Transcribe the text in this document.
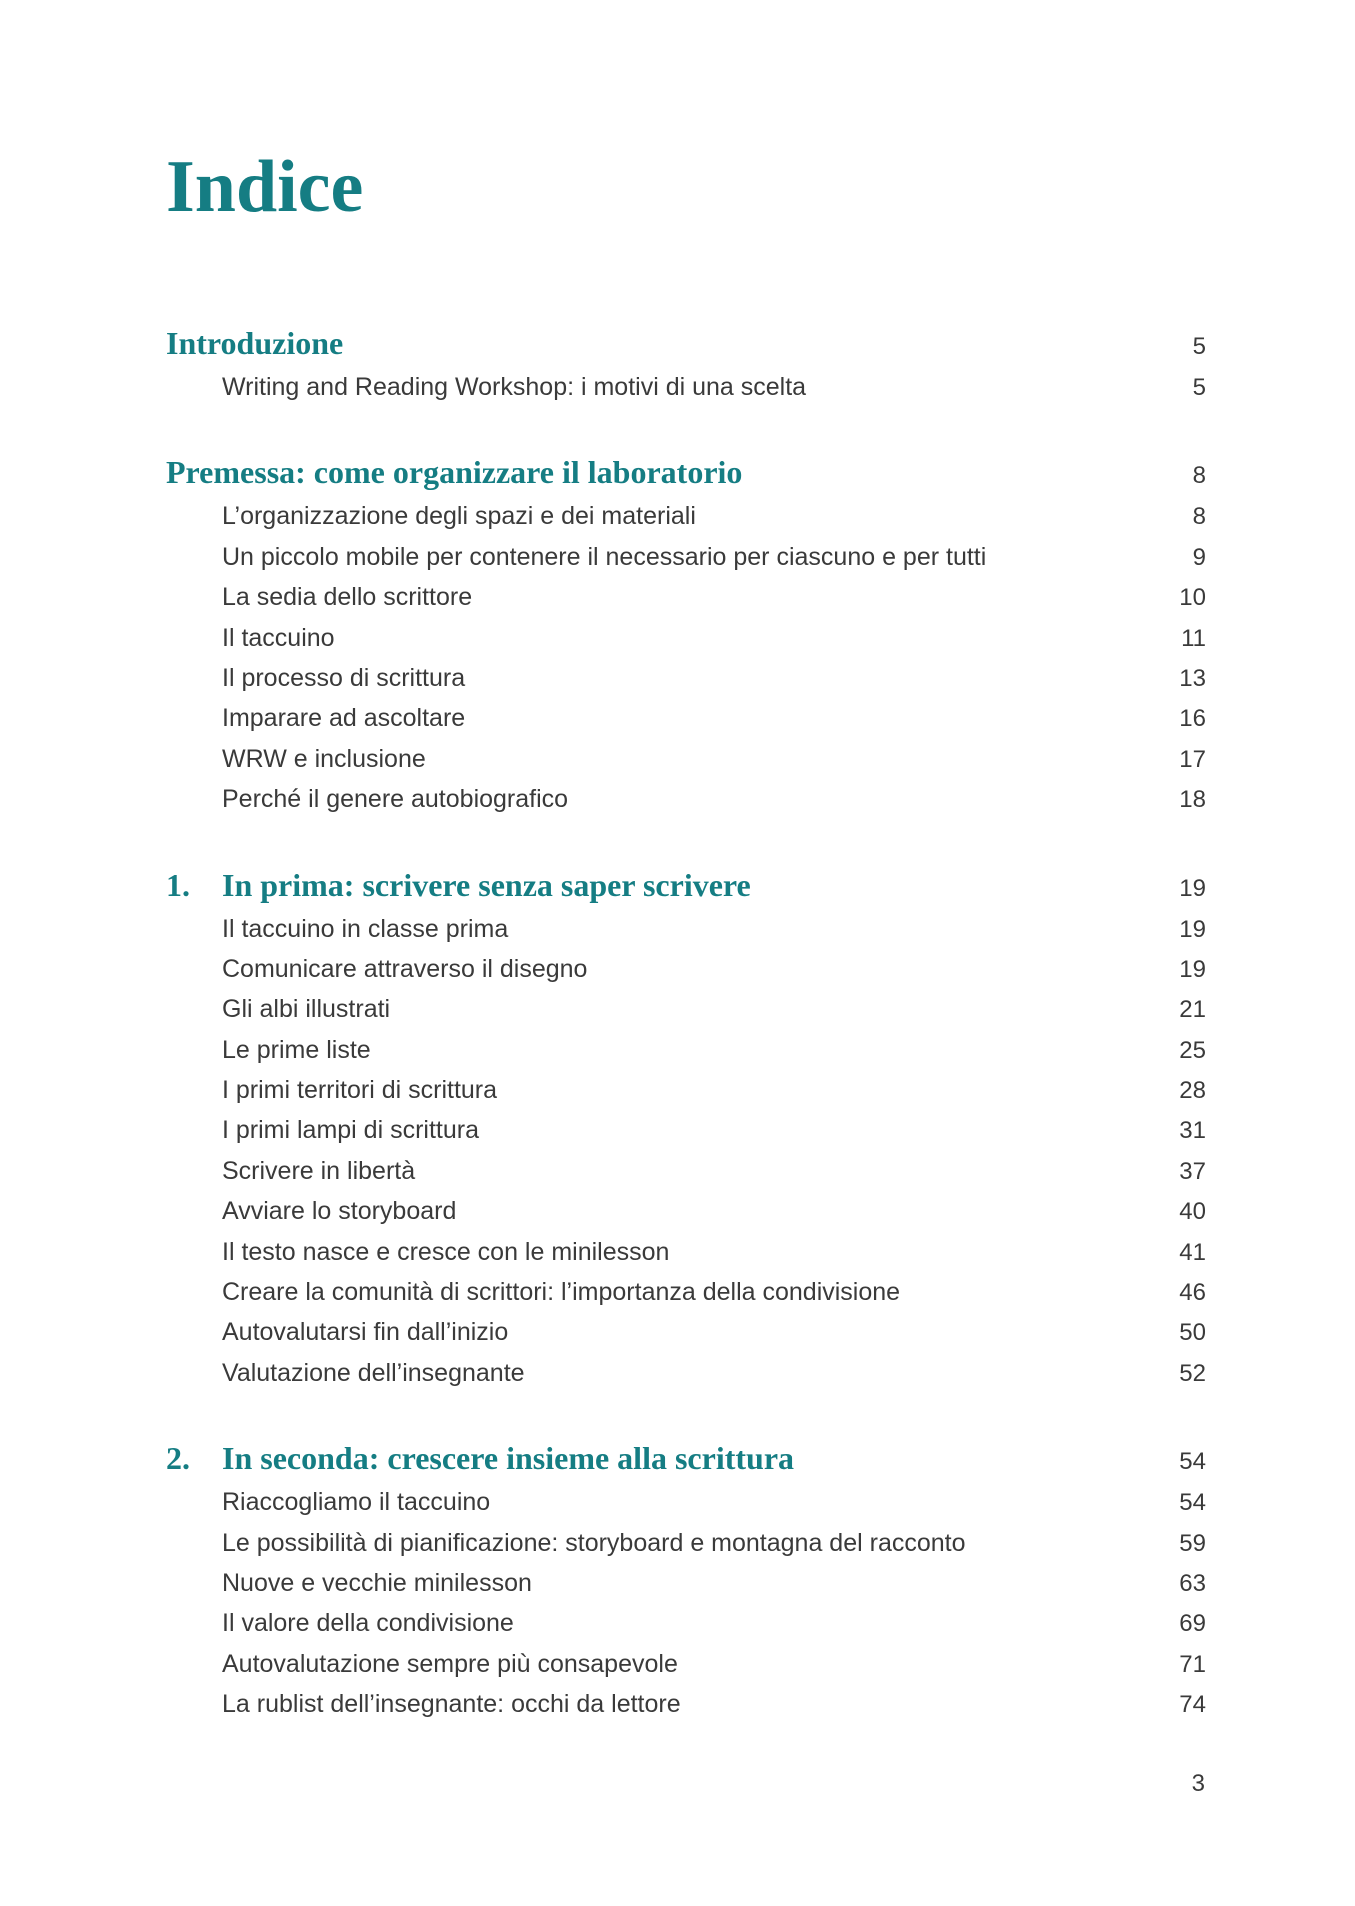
Indice
Introduzione	5
Writing and Reading Workshop: i motivi di una scelta	5
Premessa: come organizzare il laboratorio	8
L’organizzazione degli spazi e dei materiali	8
Un piccolo mobile per contenere il necessario per ciascuno e per tutti	9
La sedia dello scrittore	10
Il taccuino	11
Il processo di scrittura	13
Imparare ad ascoltare	16
WRW e inclusione	17
Perché il genere autobiografico	18
1.	In prima: scrivere senza saper scrivere	19
Il taccuino in classe prima	19
Comunicare attraverso il disegno	19
Gli albi illustrati	21
Le prime liste	25
I primi territori di scrittura	28
I primi lampi di scrittura	31
Scrivere in libertà	37
Avviare lo storyboard	40
Il testo nasce e cresce con le minilesson	41
Creare la comunità di scrittori: l’importanza della condivisione	46
Autovalutarsi fin dall’inizio	50
Valutazione dell’insegnante	52
2.	In seconda: crescere insieme alla scrittura	54
Riaccogliamo il taccuino	54
Le possibilità di pianificazione: storyboard e montagna del racconto	59
Nuove e vecchie minilesson	63
Il valore della condivisione	69
Autovalutazione sempre più consapevole	71
La rublist dell’insegnante: occhi da lettore	74
3
